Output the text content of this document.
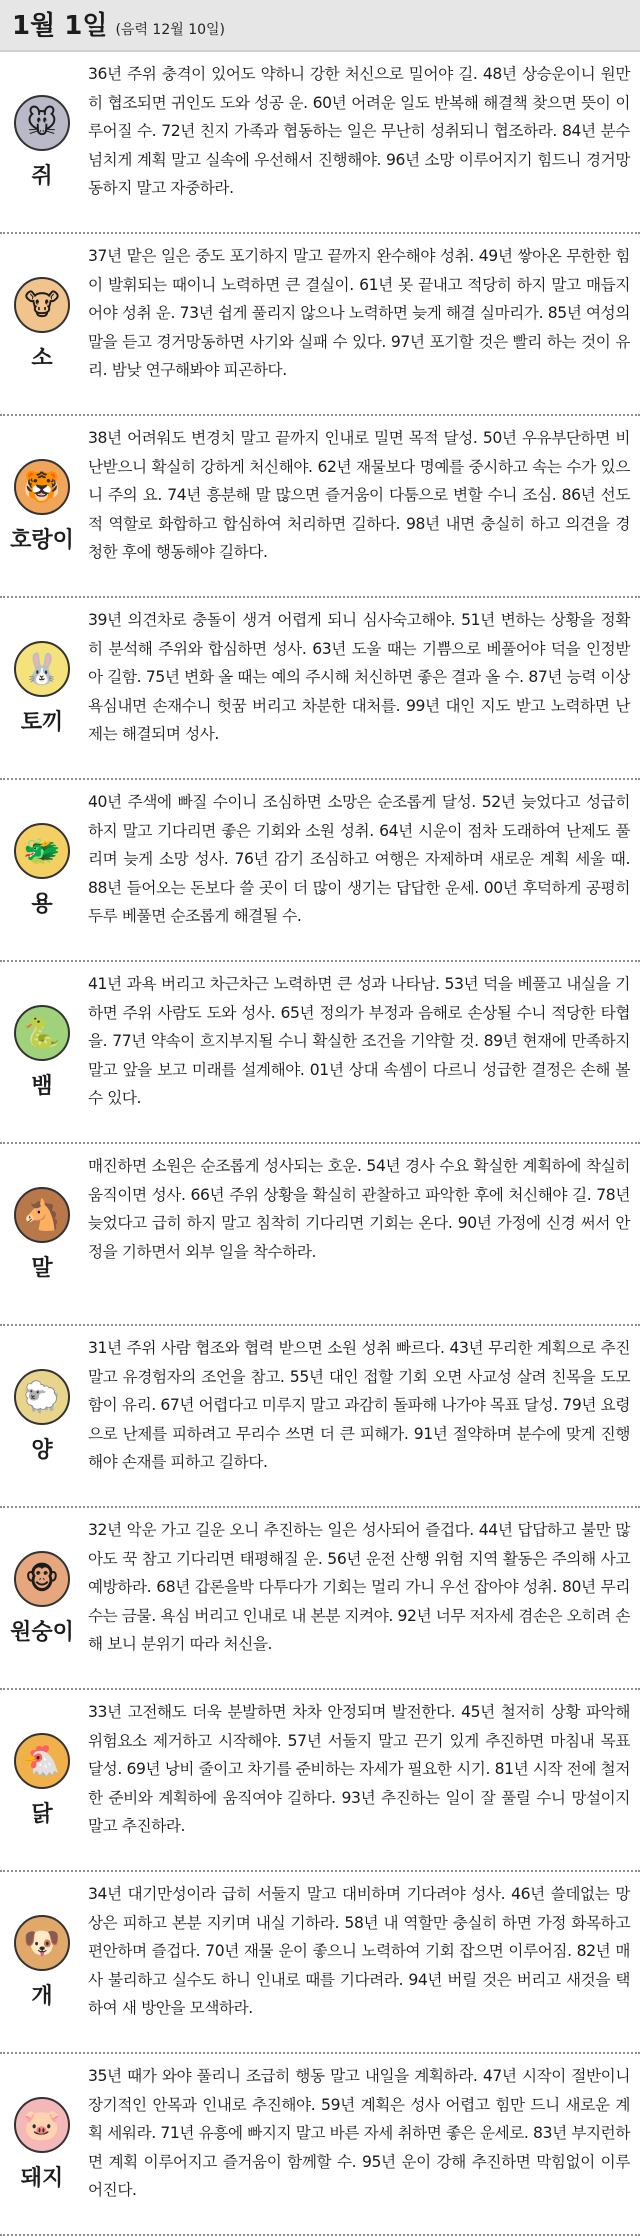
1월 1일 (음력 12월 10일)
🐭
쥐
36년 주위 충격이 있어도 약하니 강한 처신으로 밀어야 길. 48년 상승운이니 원만히 협조되면 귀인도 도와 성공 운. 60년 어려운 일도 반복해 해결책 찾으면 뜻이 이루어질 수. 72년 친지 가족과 협동하는 일은 무난히 성취되니 협조하라. 84년 분수 넘치게 계획 말고 실속에 우선해서 진행해야. 96년 소망 이루어지기 힘드니 경거망동하지 말고 자중하라.
🐮
소
37년 맡은 일은 중도 포기하지 말고 끝까지 완수해야 성취. 49년 쌓아온 무한한 힘이 발휘되는 때이니 노력하면 큰 결실이. 61년 못 끝내고 적당히 하지 말고 매듭지어야 성취 운. 73년 쉽게 풀리지 않으나 노력하면 늦게 해결 실마리가. 85년 여성의 말을 듣고 경거망동하면 사기와 실패 수 있다. 97년 포기할 것은 빨리 하는 것이 유리. 밤낮 연구해봐야 피곤하다.
🐯
호랑이
38년 어려워도 변경치 말고 끝까지 인내로 밀면 목적 달성. 50년 우유부단하면 비난받으니 확실히 강하게 처신해야. 62년 재물보다 명예를 중시하고 속는 수가 있으니 주의 요. 74년 흥분해 말 많으면 즐거움이 다툼으로 변할 수니 조심. 86년 선도적 역할로 화합하고 합심하여 처리하면 길하다. 98년 내면 충실히 하고 의견을 경청한 후에 행동해야 길하다.
🐰
토끼
39년 의견차로 충돌이 생겨 어렵게 되니 심사숙고해야. 51년 변하는 상황을 정확히 분석해 주위와 합심하면 성사. 63년 도울 때는 기쁨으로 베풀어야 덕을 인정받아 길함. 75년 변화 올 때는 예의 주시해 처신하면 좋은 결과 올 수. 87년 능력 이상 욕심내면 손재수니 헛꿈 버리고 차분한 대처를. 99년 대인 지도 받고 노력하면 난제는 해결되며 성사.
🐲
용
40년 주색에 빠질 수이니 조심하면 소망은 순조롭게 달성. 52년 늦었다고 성급히 하지 말고 기다리면 좋은 기회와 소원 성취. 64년 시운이 점차 도래하여 난제도 풀리며 늦게 소망 성사. 76년 감기 조심하고 여행은 자제하며 새로운 계획 세울 때. 88년 들어오는 돈보다 쓸 곳이 더 많이 생기는 답답한 운세. 00년 후덕하게 공평히 두루 베풀면 순조롭게 해결될 수.
🐍
뱀
41년 과욕 버리고 차근차근 노력하면 큰 성과 나타남. 53년 덕을 베풀고 내실을 기하면 주위 사람도 도와 성사. 65년 정의가 부정과 음해로 손상될 수니 적당한 타협을. 77년 약속이 흐지부지될 수니 확실한 조건을 기약할 것. 89년 현재에 만족하지 말고 앞을 보고 미래를 설계해야. 01년 상대 속셈이 다르니 성급한 결정은 손해 볼 수 있다.
🐴
말
매진하면 소원은 순조롭게 성사되는 호운. 54년 경사 수요 확실한 계획하에 착실히 움직이면 성사. 66년 주위 상황을 확실히 관찰하고 파악한 후에 처신해야 길. 78년 늦었다고 급히 하지 말고 침착히 기다리면 기회는 온다. 90년 가정에 신경 써서 안정을 기하면서 외부 일을 착수하라.
🐑
양
31년 주위 사람 협조와 협력 받으면 소원 성취 빠르다. 43년 무리한 계획으로 추진 말고 유경험자의 조언을 참고. 55년 대인 접할 기회 오면 사교성 살려 친목을 도모함이 유리. 67년 어렵다고 미루지 말고 과감히 돌파해 나가야 목표 달성. 79년 요령으로 난제를 피하려고 무리수 쓰면 더 큰 피해가. 91년 절약하며 분수에 맞게 진행해야 손재를 피하고 길하다.
🐵
원숭이
32년 악운 가고 길운 오니 추진하는 일은 성사되어 즐겁다. 44년 답답하고 불만 많아도 꾹 참고 기다리면 태평해질 운. 56년 운전 산행 위험 지역 활동은 주의해 사고 예방하라. 68년 갑론을박 다투다가 기회는 멀리 가니 우선 잡아야 성취. 80년 무리수는 금물. 욕심 버리고 인내로 내 본분 지켜야. 92년 너무 저자세 겸손은 오히려 손해 보니 분위기 따라 처신을.
🐔
닭
33년 고전해도 더욱 분발하면 차차 안정되며 발전한다. 45년 철저히 상황 파악해 위험요소 제거하고 시작해야. 57년 서둘지 말고 끈기 있게 추진하면 마침내 목표 달성. 69년 낭비 줄이고 차기를 준비하는 자세가 필요한 시기. 81년 시작 전에 철저한 준비와 계획하에 움직여야 길하다. 93년 추진하는 일이 잘 풀릴 수니 망설이지 말고 추진하라.
🐶
개
34년 대기만성이라 급히 서둘지 말고 대비하며 기다려야 성사. 46년 쓸데없는 망상은 피하고 본분 지키며 내실 기하라. 58년 내 역할만 충실히 하면 가정 화목하고 편안하며 즐겁다. 70년 재물 운이 좋으니 노력하여 기회 잡으면 이루어짐. 82년 매사 불리하고 실수도 하니 인내로 때를 기다려라. 94년 버릴 것은 버리고 새것을 택하여 새 방안을 모색하라.
🐷
돼지
35년 때가 와야 풀리니 조급히 행동 말고 내일을 계획하라. 47년 시작이 절반이니 장기적인 안목과 인내로 추진해야. 59년 계획은 성사 어렵고 힘만 드니 새로운 계획 세워라. 71년 유흥에 빠지지 말고 바른 자세 취하면 좋은 운세로. 83년 부지런하면 계획 이루어지고 즐거움이 함께할 수. 95년 운이 강해 추진하면 막힘없이 이루어진다.
